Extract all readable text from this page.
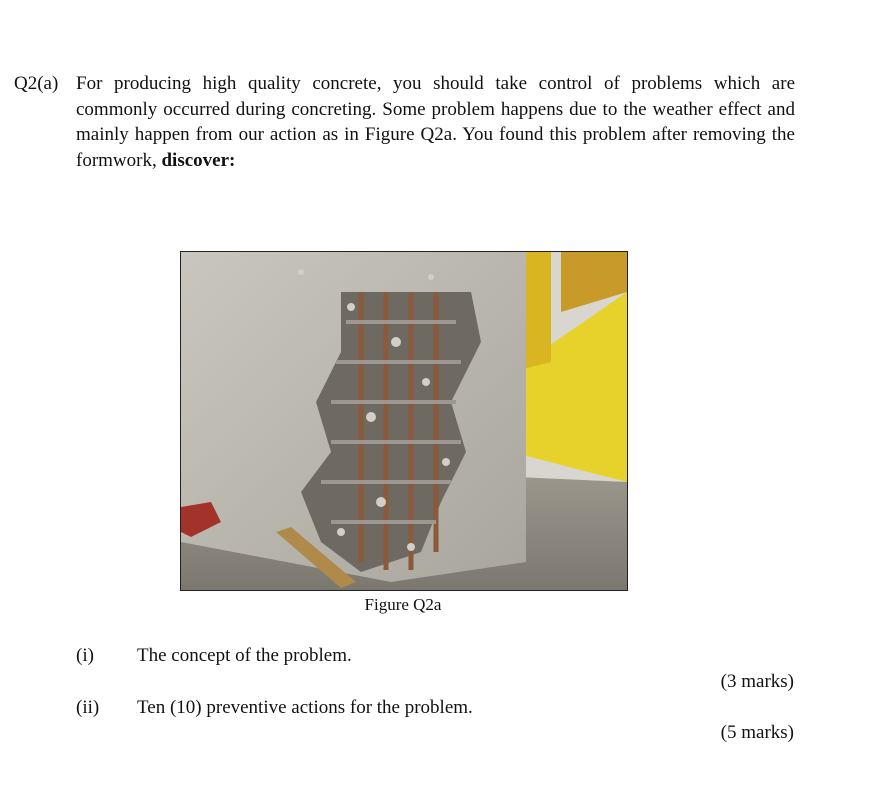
Q2(a) For producing high quality concrete, you should take control of problems which are commonly occurred during concreting. Some problem happens due to the weather effect and mainly happen from our action as in Figure Q2a. You found this problem after removing the formwork, discover:
Figure Q2a
(i) The concept of the problem.
(3 marks)
(ii) Ten (10) preventive actions for the problem.
(5 marks)
